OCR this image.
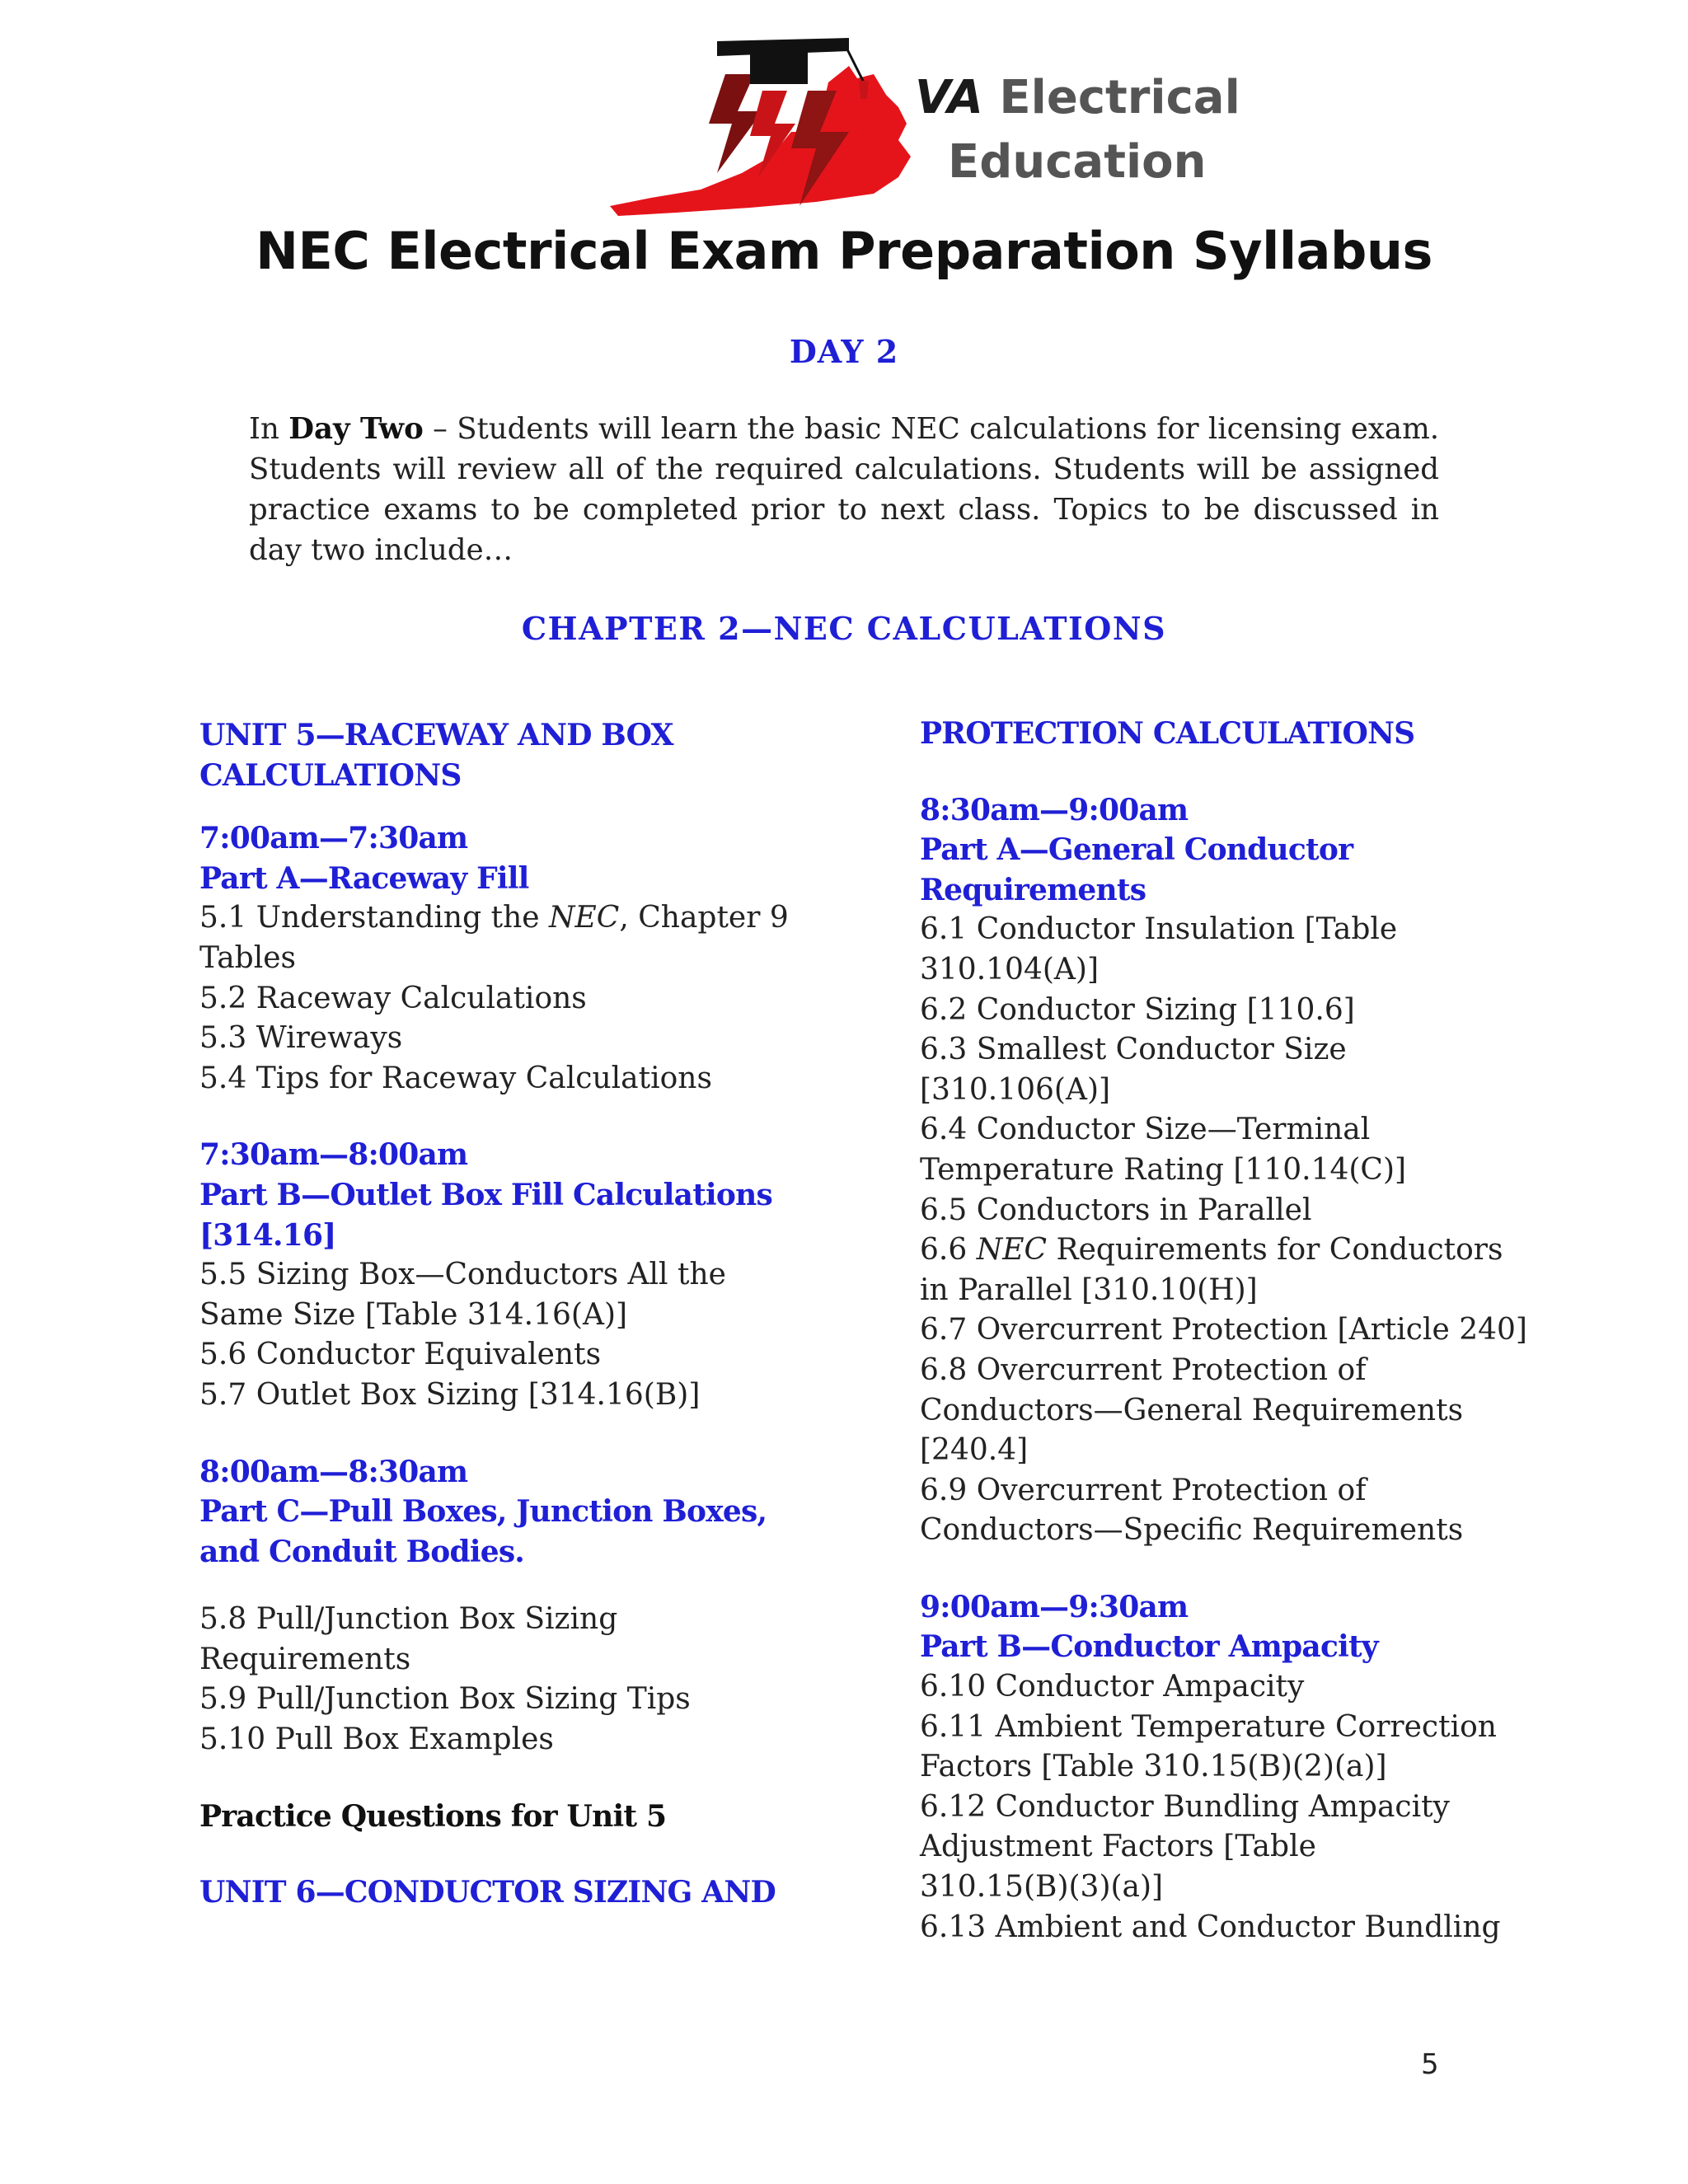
VA Electrical
Education
NEC Electrical Exam Preparation Syllabus
DAY 2
In Day Two – Students will learn the basic NEC calculations for licensing exam. Students will review all of the required calculations. Students will be assigned practice exams to be completed prior to next class. Topics to be discussed in day two include…
CHAPTER 2—NEC CALCULATIONS
UNIT 5—RACEWAY AND BOX
CALCULATIONS
7:00am—7:30am
Part A—Raceway Fill
5.1 Understanding the NEC, Chapter 9
Tables
5.2 Raceway Calculations
5.3 Wireways
5.4 Tips for Raceway Calculations
7:30am—8:00am
Part B—Outlet Box Fill Calculations
[314.16]
5.5 Sizing Box—Conductors All the
Same Size [Table 314.16(A)]
5.6 Conductor Equivalents
5.7 Outlet Box Sizing [314.16(B)]
8:00am—8:30am
Part C—Pull Boxes, Junction Boxes,
and Conduit Bodies.
5.8 Pull/Junction Box Sizing
Requirements
5.9 Pull/Junction Box Sizing Tips
5.10 Pull Box Examples
Practice Questions for Unit 5
UNIT 6—CONDUCTOR SIZING AND
PROTECTION CALCULATIONS
8:30am—9:00am
Part A—General Conductor
Requirements
6.1 Conductor Insulation [Table
310.104(A)]
6.2 Conductor Sizing [110.6]
6.3 Smallest Conductor Size
[310.106(A)]
6.4 Conductor Size—Terminal
Temperature Rating [110.14(C)]
6.5 Conductors in Parallel
6.6 NEC Requirements for Conductors
in Parallel [310.10(H)]
6.7 Overcurrent Protection [Article 240]
6.8 Overcurrent Protection of
Conductors—General Requirements
[240.4]
6.9 Overcurrent Protection of
Conductors—Specific Requirements
9:00am—9:30am
Part B—Conductor Ampacity
6.10 Conductor Ampacity
6.11 Ambient Temperature Correction
Factors [Table 310.15(B)(2)(a)]
6.12 Conductor Bundling Ampacity
Adjustment Factors [Table
310.15(B)(3)(a)]
6.13 Ambient and Conductor Bundling
5
